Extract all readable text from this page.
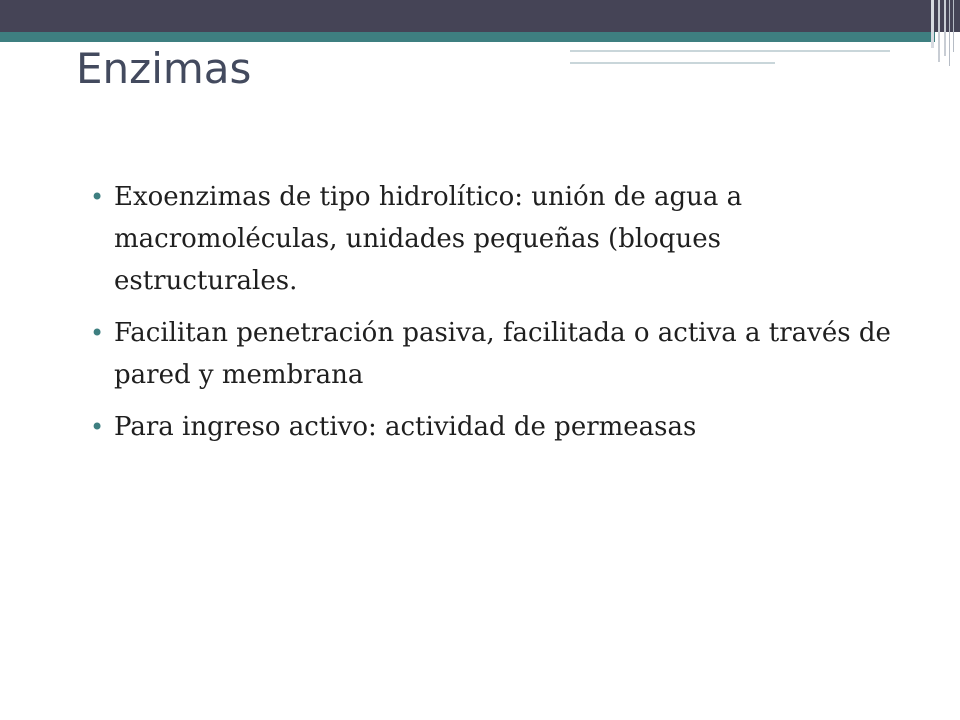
Enzimas
• Exoenzimas de tipo hidrolítico: unión de agua a macromoléculas, unidades pequeñas (bloques estructurales.
• Facilitan penetración pasiva, facilitada o activa a través de pared y membrana
• Para ingreso activo: actividad de permeasas
